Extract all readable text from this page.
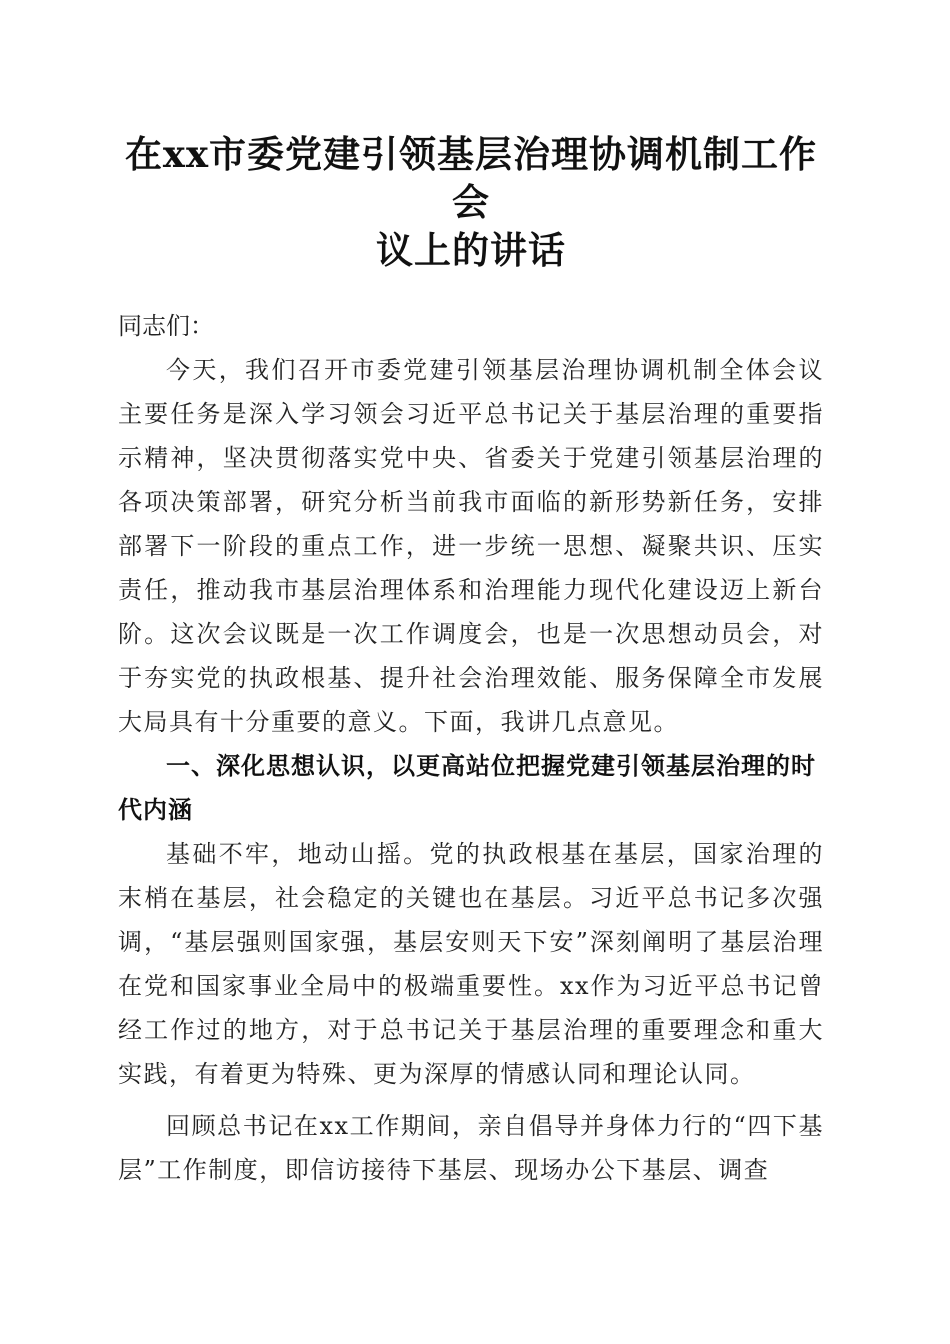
在xx市委党建引领基层治理协调机制工作会
议上的讲话

同志们：

今天，我们召开市委党建引领基层治理协调机制全体会议主要任务是深入学习领会习近平总书记关于基层治理的重要指示精神，坚决贯彻落实党中央、省委关于党建引领基层治理的各项决策部署，研究分析当前我市面临的新形势新任务，安排部署下一阶段的重点工作，进一步统一思想、凝聚共识、压实责任，推动我市基层治理体系和治理能力现代化建设迈上新台阶。这次会议既是一次工作调度会，也是一次思想动员会，对于夯实党的执政根基、提升社会治理效能、服务保障全市发展大局具有十分重要的意义。下面，我讲几点意见。

一、深化思想认识，以更高站位把握党建引领基层治理的时代内涵

基础不牢，地动山摇。党的执政根基在基层，国家治理的末梢在基层，社会稳定的关键也在基层。习近平总书记多次强调，“基层强则国家强，基层安则天下安”深刻阐明了基层治理在党和国家事业全局中的极端重要性。xx作为习近平总书记曾经工作过的地方，对于总书记关于基层治理的重要理念和重大实践，有着更为特殊、更为深厚的情感认同和理论认同。

回顾总书记在xx工作期间，亲自倡导并身体力行的“四下基层”工作制度，即信访接待下基层、现场办公下基层、调查
